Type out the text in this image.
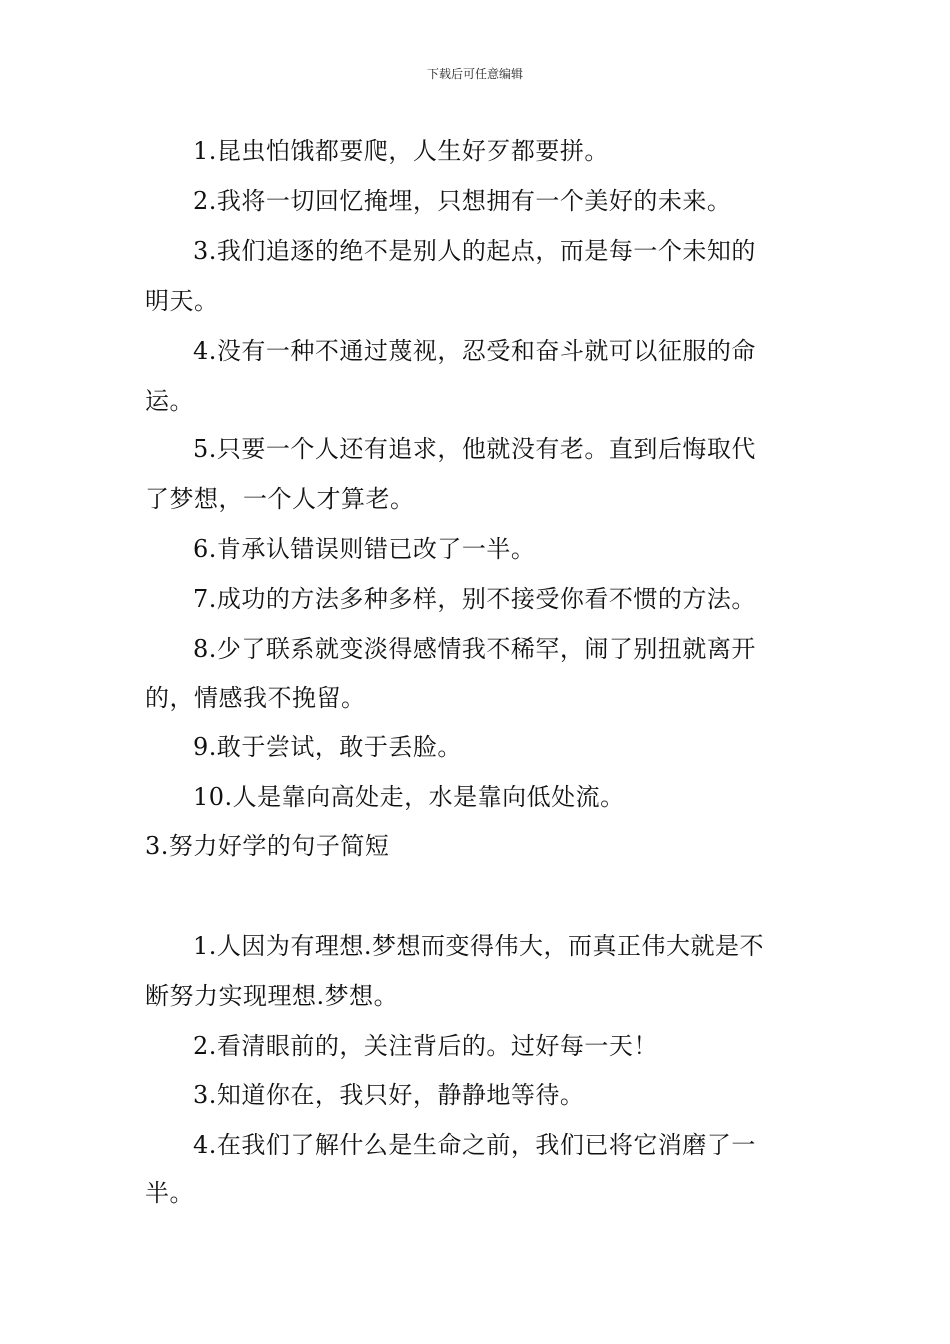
下载后可任意编辑
1.昆虫怕饿都要爬，人生好歹都要拼。
2.我将一切回忆掩埋，只想拥有一个美好的未来。
3.我们追逐的绝不是别人的起点，而是每一个未知的
明天。
4.没有一种不通过蔑视，忍受和奋斗就可以征服的命
运。
5.只要一个人还有追求，他就没有老。直到后悔取代
了梦想，一个人才算老。
6.肯承认错误则错已改了一半。
7.成功的方法多种多样，别不接受你看不惯的方法。
8.少了联系就变淡得感情我不稀罕，闹了别扭就离开
的，情感我不挽留。
9.敢于尝试，敢于丢脸。
10.人是靠向高处走，水是靠向低处流。
3.努力好学的句子简短
1.人因为有理想.梦想而变得伟大，而真正伟大就是不
断努力实现理想.梦想。
2.看清眼前的，关注背后的。过好每一天！
3.知道你在，我只好，静静地等待。
4.在我们了解什么是生命之前，我们已将它消磨了一
半。
